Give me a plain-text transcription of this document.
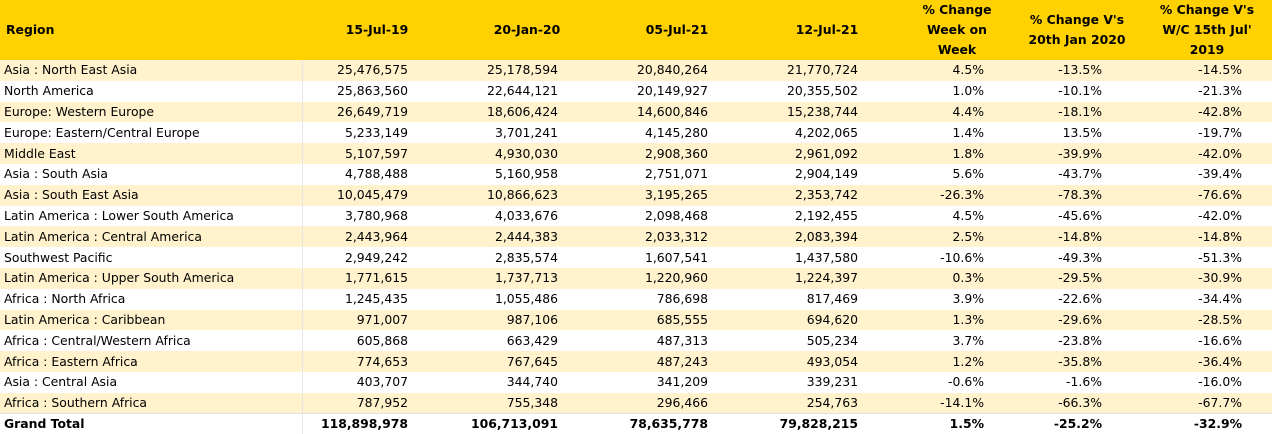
Region	15-Jul-19	20-Jan-20	05-Jul-21	12-Jul-21	% Change Week on Week	% Change V's 20th Jan 2020	% Change V's W/C 15th Jul' 2019
Asia : North East Asia	25,476,575	25,178,594	20,840,264	21,770,724	4.5%	-13.5%	-14.5%
North America	25,863,560	22,644,121	20,149,927	20,355,502	1.0%	-10.1%	-21.3%
Europe: Western Europe	26,649,719	18,606,424	14,600,846	15,238,744	4.4%	-18.1%	-42.8%
Europe: Eastern/Central Europe	5,233,149	3,701,241	4,145,280	4,202,065	1.4%	13.5%	-19.7%
Middle East	5,107,597	4,930,030	2,908,360	2,961,092	1.8%	-39.9%	-42.0%
Asia : South Asia	4,788,488	5,160,958	2,751,071	2,904,149	5.6%	-43.7%	-39.4%
Asia : South East Asia	10,045,479	10,866,623	3,195,265	2,353,742	-26.3%	-78.3%	-76.6%
Latin America : Lower South America	3,780,968	4,033,676	2,098,468	2,192,455	4.5%	-45.6%	-42.0%
Latin America : Central America	2,443,964	2,444,383	2,033,312	2,083,394	2.5%	-14.8%	-14.8%
Southwest Pacific	2,949,242	2,835,574	1,607,541	1,437,580	-10.6%	-49.3%	-51.3%
Latin America : Upper South America	1,771,615	1,737,713	1,220,960	1,224,397	0.3%	-29.5%	-30.9%
Africa : North Africa	1,245,435	1,055,486	786,698	817,469	3.9%	-22.6%	-34.4%
Latin America : Caribbean	971,007	987,106	685,555	694,620	1.3%	-29.6%	-28.5%
Africa : Central/Western Africa	605,868	663,429	487,313	505,234	3.7%	-23.8%	-16.6%
Africa : Eastern Africa	774,653	767,645	487,243	493,054	1.2%	-35.8%	-36.4%
Asia : Central Asia	403,707	344,740	341,209	339,231	-0.6%	-1.6%	-16.0%
Africa : Southern Africa	787,952	755,348	296,466	254,763	-14.1%	-66.3%	-67.7%
Grand Total	118,898,978	106,713,091	78,635,778	79,828,215	1.5%	-25.2%	-32.9%
